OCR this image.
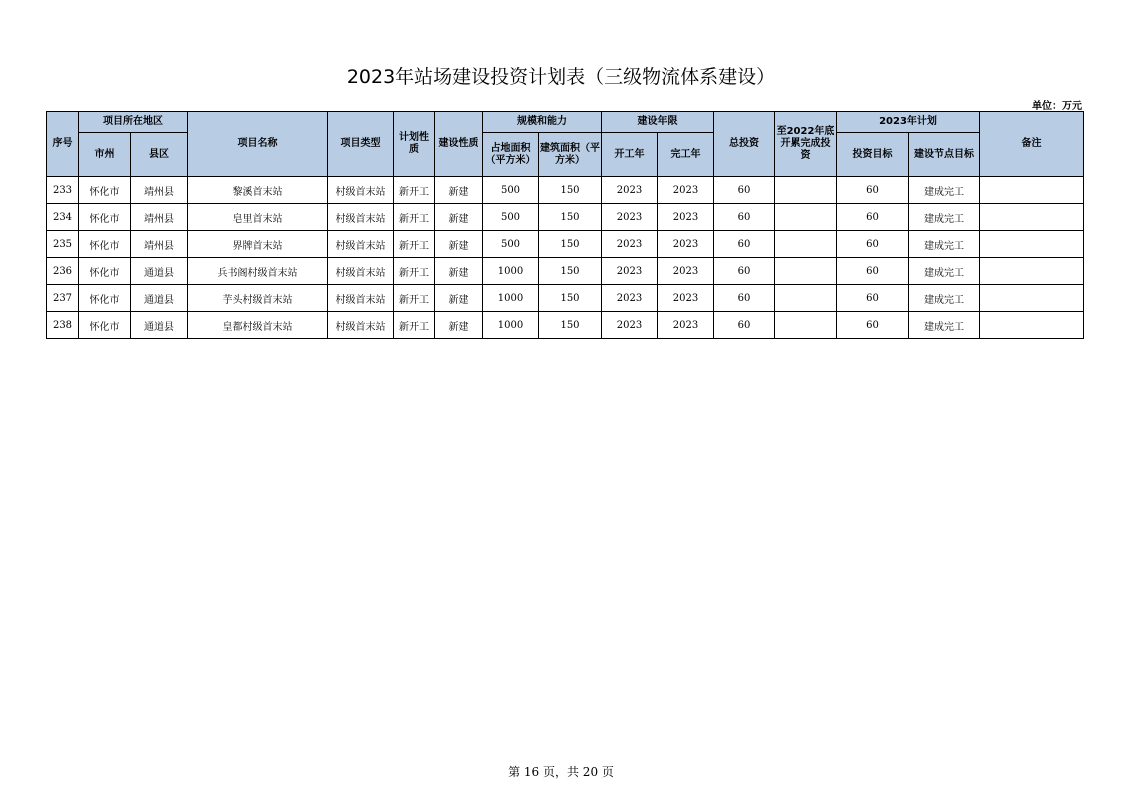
2023年站场建设投资计划表（三级物流体系建设）
单位：万元
序号	项目所在地区		项目名称	项目类型	计划性质	建设性质	规模和能力		建设年限		总投资	至2022年底开累完成投资	2023年计划		备注
	市州	县区					占地面积（平方米）	建筑面积（平方米）	开工年	完工年			投资目标	建设节点目标	
233	怀化市	靖州县	黎溪首末站	村级首末站	新开工	新建	500	150	2023	2023	60		60	建成完工	
234	怀化市	靖州县	皂里首末站	村级首末站	新开工	新建	500	150	2023	2023	60		60	建成完工	
235	怀化市	靖州县	界牌首末站	村级首末站	新开工	新建	500	150	2023	2023	60		60	建成完工	
236	怀化市	通道县	兵书阁村级首末站	村级首末站	新开工	新建	1000	150	2023	2023	60		60	建成完工	
237	怀化市	通道县	芋头村级首末站	村级首末站	新开工	新建	1000	150	2023	2023	60		60	建成完工	
238	怀化市	通道县	皇都村级首末站	村级首末站	新开工	新建	1000	150	2023	2023	60		60	建成完工	
第 16 页，共 20 页
